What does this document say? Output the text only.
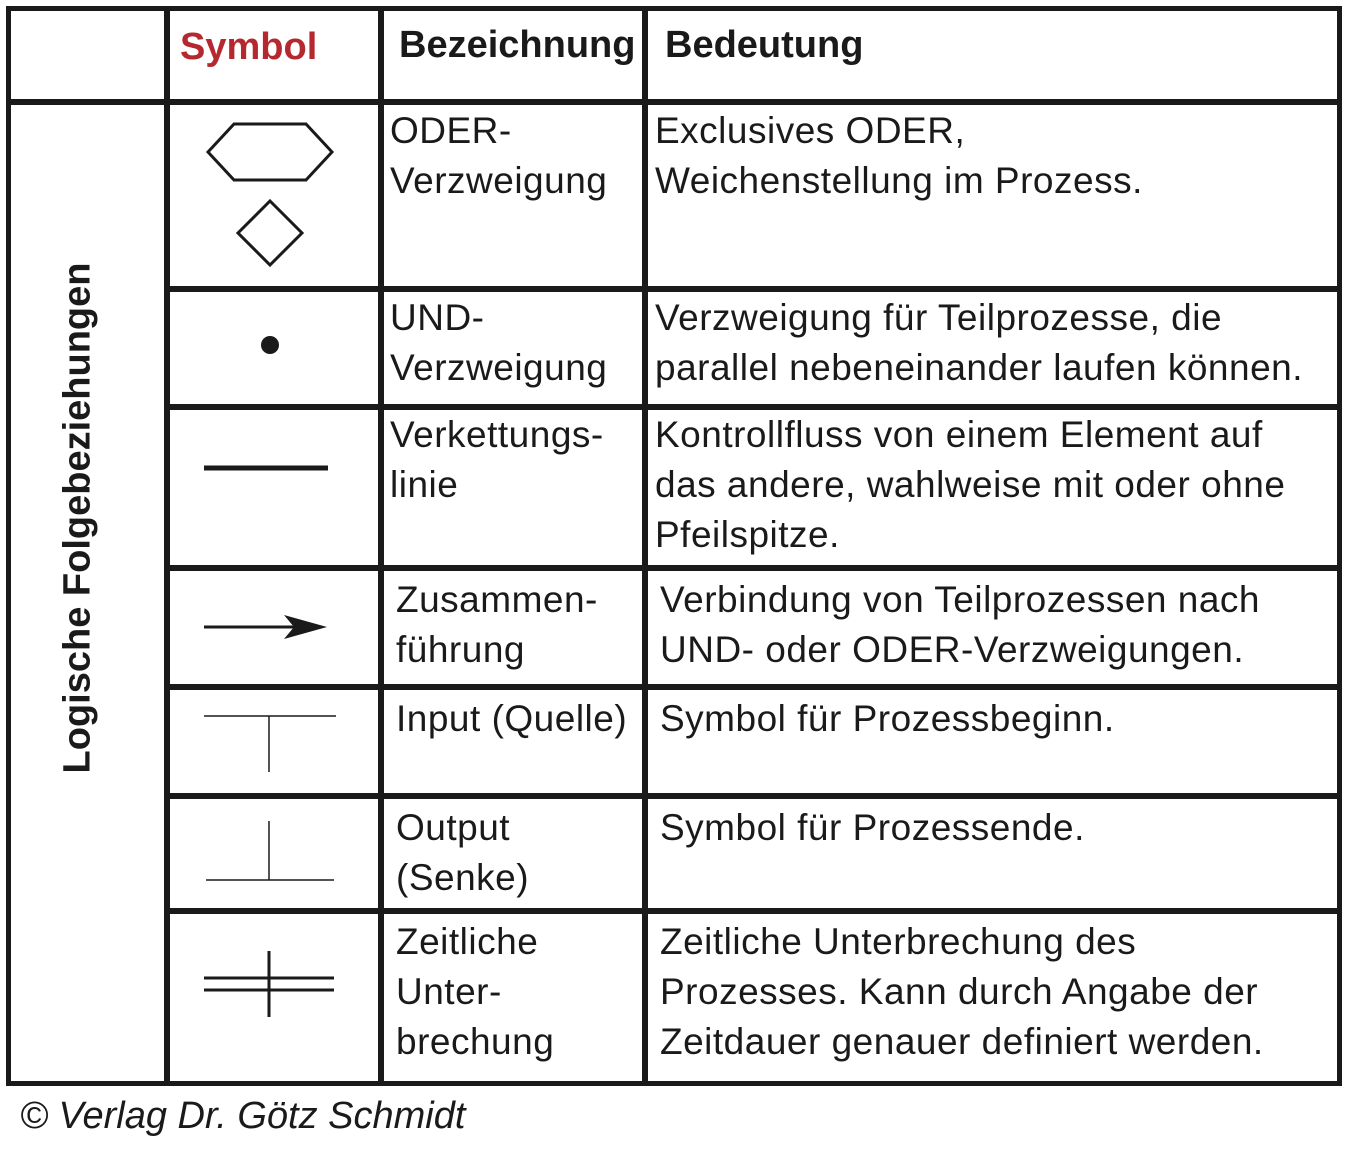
Symbol Bezeichnung Bedeutung
Logische Folgebeziehungen
ODER-
Verzweigung
Exclusives ODER,
Weichenstellung im Prozess.
UND-
Verzweigung
Verzweigung für Teilprozesse, die
parallel nebeneinander laufen können.
Verkettungs-
linie
Kontrollfluss von einem Element auf
das andere, wahlweise mit oder ohne
Pfeilspitze.
Zusammen-
führung
Verbindung von Teilprozessen nach
UND- oder ODER-Verzweigungen.
Input (Quelle) Symbol für Prozessbeginn.
Output
(Senke)
Symbol für Prozessende.
Zeitliche
Unter-
brechung
Zeitliche Unterbrechung des
Prozesses. Kann durch Angabe der
Zeitdauer genauer definiert werden.
© Verlag Dr. Götz Schmidt
